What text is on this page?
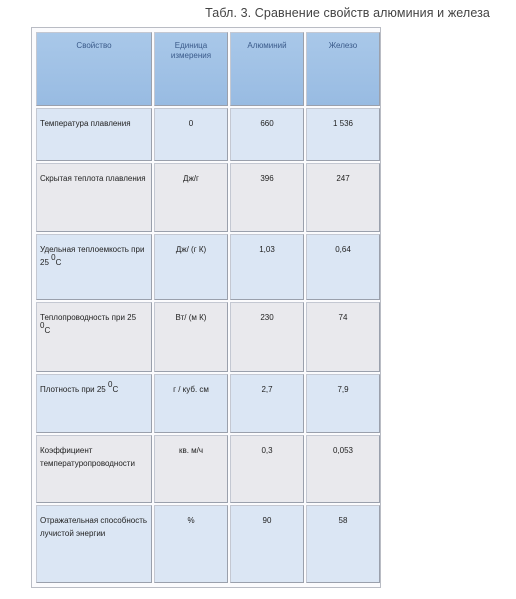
Табл. 3. Сравнение свойств алюминия и железа
Свойство	Единица измерения	Алюминий	Железо
Температура плавления	0	660	1 536
Скрытая теплота плавления	Дж/г	396	247
Удельная теплоемкость при 25 $^0$С	Дж/ (г К)	1,03	0,64
Теплопроводность при 25 $^0$С	Вт/ (м К)	230	74
Плотность при 25 $^0$С	г / куб. см	2,7	7,9
Коэффициент температуропроводности	кв. м/ч	0,3	0,053
Отражательная способность лучистой энергии	%	90	58
